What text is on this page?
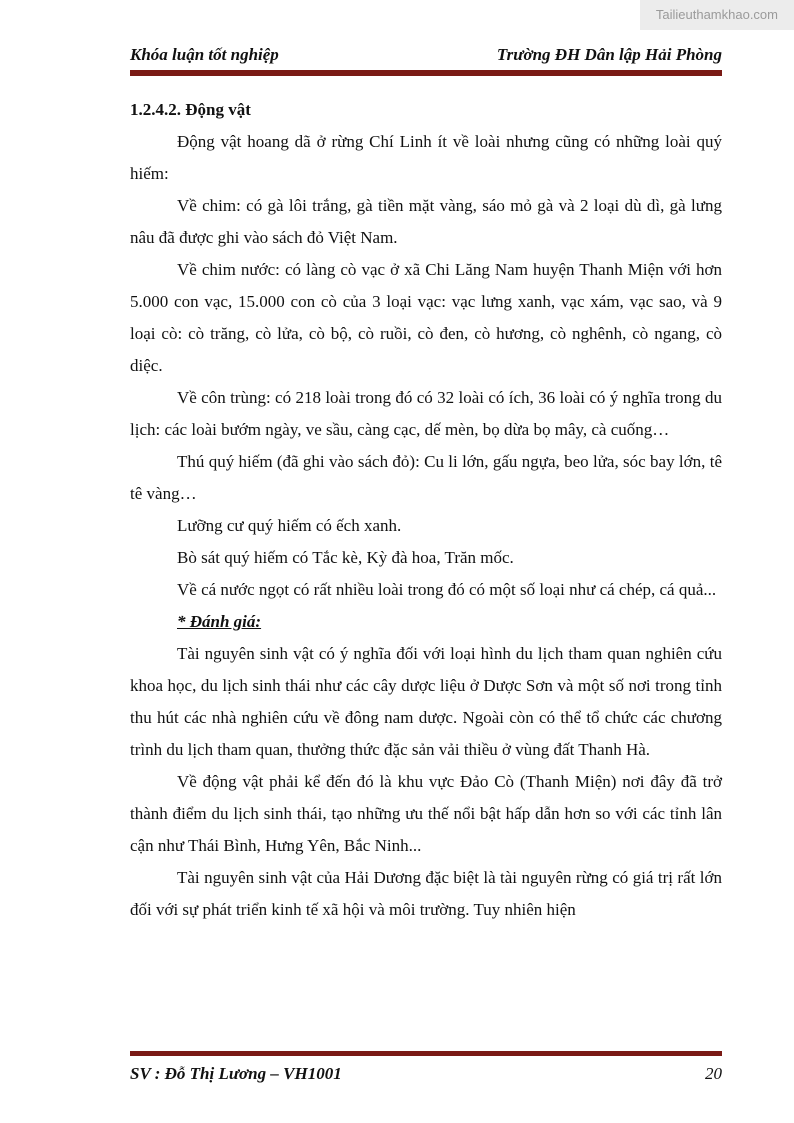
Tailieuthamkhao.com
Khóa luận tốt nghiệp	Trường ĐH Dân lập Hải Phòng
1.2.4.2. Động vật

Động vật hoang dã ở rừng Chí Linh ít về loài nhưng cũng có những loài quý hiếm:

Về chim: có gà lôi trắng, gà tiền mặt vàng, sáo mỏ gà và 2 loại dù dì, gà lưng nâu đã được ghi vào sách đỏ Việt Nam.

Về chim nước: có làng cò vạc ở xã Chi Lăng Nam huyện Thanh Miện với hơn 5.000 con vạc, 15.000 con cò của 3 loại vạc: vạc lưng xanh, vạc xám, vạc sao, và 9 loại cò: cò trăng, cò lửa, cò bộ, cò ruồi, cò đen, cò hương, cò nghênh, cò ngang, cò diệc.

Về côn trùng: có 218 loài trong đó có 32 loài có ích, 36 loài có ý nghĩa trong du lịch: các loài bướm ngày, ve sầu, càng cạc, dế mèn, bọ dừa bọ mây, cà cuống…

Thú quý hiếm (đã ghi vào sách đỏ): Cu li lớn, gấu ngựa, beo lửa, sóc bay lớn, tê tê vàng…

Lưỡng cư quý hiếm có ếch xanh.

Bò sát quý hiếm có Tắc kè, Kỳ đà hoa, Trăn mốc.

Về cá nước ngọt có rất nhiều loài trong đó có một số loại như cá chép, cá quả...

* Đánh giá:

Tài nguyên sinh vật có ý nghĩa đối với loại hình du lịch tham quan nghiên cứu khoa học, du lịch sinh thái như các cây dược liệu ở Dược Sơn và một số nơi trong tỉnh thu hút các nhà nghiên cứu về đông nam dược. Ngoài còn có thể tổ chức các chương trình du lịch tham quan, thưởng thức đặc sản vải thiều ở vùng đất Thanh Hà.

Về động vật phải kể đến đó là khu vực Đảo Cò (Thanh Miện) nơi đây đã trở thành điểm du lịch sinh thái, tạo những ưu thế nổi bật hấp dẫn hơn so với các tỉnh lân cận như Thái Bình, Hưng Yên, Bắc Ninh...

Tài nguyên sinh vật của Hải Dương đặc biệt là tài nguyên rừng có giá trị rất lớn đối với sự phát triển kinh tế xã hội và môi trường. Tuy nhiên hiện

SV : Đỗ Thị Lương – VH1001	20
